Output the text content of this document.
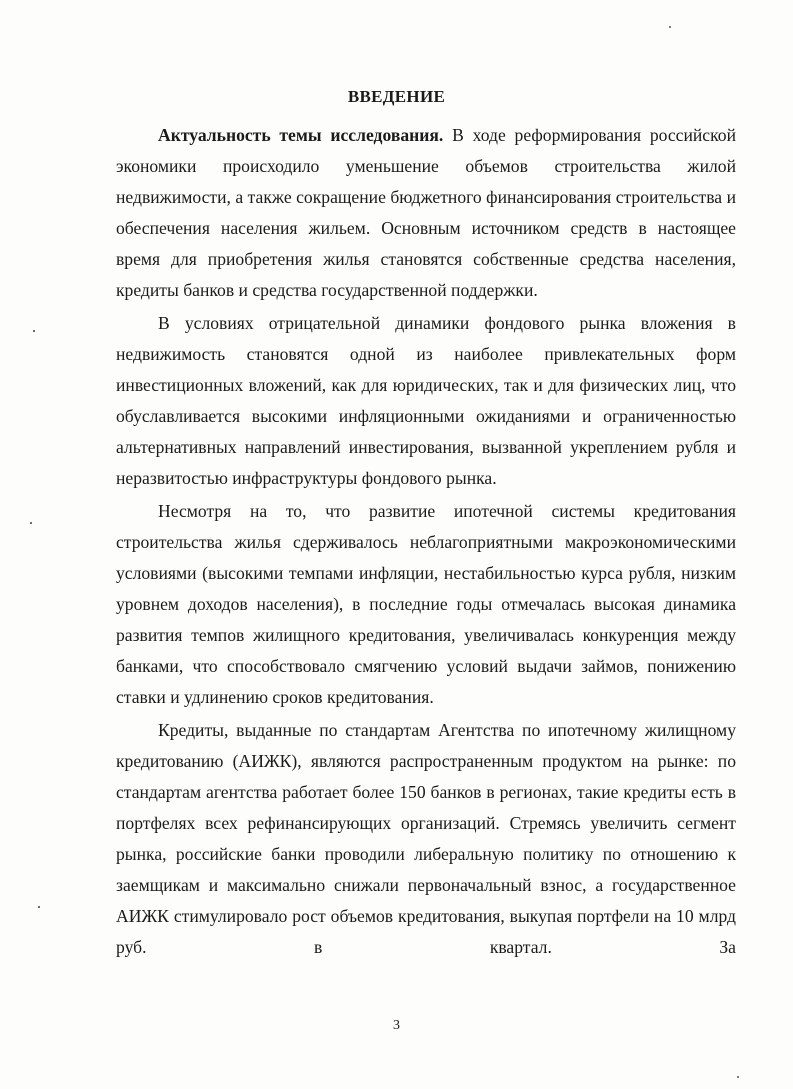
ВВЕДЕНИЕ

Актуальность темы исследования. В ходе реформирования российской экономики происходило уменьшение объемов строительства жилой недвижимости, а также сокращение бюджетного финансирования строительства и обеспечения населения жильем. Основным источником средств в настоящее время для приобретения жилья становятся собственные средства населения, кредиты банков и средства государственной поддержки.

В условиях отрицательной динамики фондового рынка вложения в недвижимость становятся одной из наиболее привлекательных форм инвестиционных вложений, как для юридических, так и для физических лиц, что обуславливается высокими инфляционными ожиданиями и ограниченностью альтернативных направлений инвестирования, вызванной укреплением рубля и неразвитостью инфраструктуры фондового рынка.

Несмотря на то, что развитие ипотечной системы кредитования строительства жилья сдерживалось неблагоприятными макроэкономическими условиями (высокими темпами инфляции, нестабильностью курса рубля, низким уровнем доходов населения), в последние годы отмечалась высокая динамика развития темпов жилищного кредитования, увеличивалась конкуренция между банками, что способствовало смягчению условий выдачи займов, понижению ставки и удлинению сроков кредитования.

Кредиты, выданные по стандартам Агентства по ипотечному жилищному кредитованию (АИЖК), являются распространенным продуктом на рынке: по стандартам агентства работает более 150 банков в регионах, такие кредиты есть в портфелях всех рефинансирующих организаций. Стремясь увеличить сегмент рынка, российские банки проводили либеральную политику по отношению к заемщикам и максимально снижали первоначальный взнос, а государственное АИЖК стимулировало рост объемов кредитования, выкупая портфели на 10 млрд руб. в квартал. За

3
